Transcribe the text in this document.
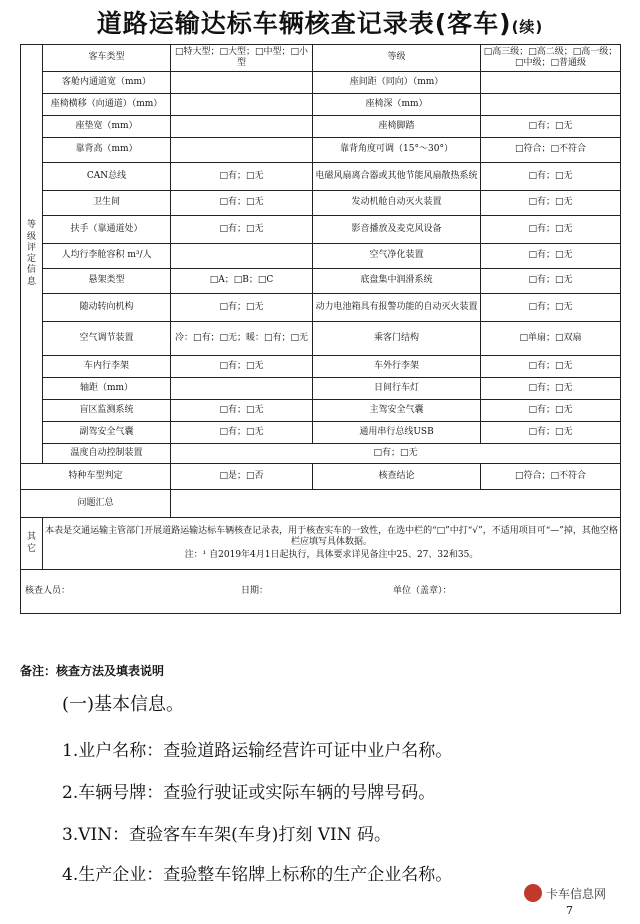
道路运输达标车辆核查记录表(客车)(续)
等级评定信息	客车类型	□特大型；□大型；□中型；□小型	等级	□高三级；□高二级；□高一级；□中级；□普通级
	客舱内通道宽（mm）		座间距（同向）（mm）	
	座椅横移（向通道）（mm）		座椅深（mm）	
	座垫宽（mm）		座椅脚踏	□有；□无
	靠背高（mm）		靠背角度可调（15°～30°）	□符合；□不符合
	CAN总线	□有；□无	电磁风扇离合器或其他节能风扇散热系统	□有；□无
	卫生间	□有；□无	发动机舱自动灭火装置	□有；□无
	扶手（靠通道处）	□有；□无	影音播放及麦克风设备	□有；□无
	人均行李舱容积 m³/人		空气净化装置	□有；□无
	悬架类型	□A；□B；□C	底盘集中润滑系统	□有；□无
	随动转向机构	□有；□无	动力电池箱具有报警功能的自动灭火装置	□有；□无
	空气调节装置	冷：□有；□无；暖：□有；□无	乘客门结构	□单扇；□双扇
	车内行李架	□有；□无	车外行李架	□有；□无
	轴距（mm）		日间行车灯	□有；□无
	盲区监测系统	□有；□无	主驾安全气囊	□有；□无
	副驾安全气囊	□有；□无	通用串行总线USB	□有；□无
	温度自动控制装置	□有；□无		
特种车型判定		□是；□否	核查结论	□符合；□不符合
问题汇总				
其它	本表是交通运输主管部门开展道路运输达标车辆核查记录表，用于核查实车的一致性，在选中栏的“□”中打“√”，不适用项目可“—”掉，其他空格栏应填写具体数据。
注：¹ 自2019年4月1日起执行，具体要求详见备注中25、27、32和35。			

核查人员： 日期： 单位（盖章）：				
备注：核查方法及填表说明
(一)基本信息。
1.业户名称：查验道路运输经营许可证中业户名称。
2.车辆号牌：查验行驶证或实际车辆的号牌号码。
3.VIN：查验客车车架(车身)打刻 VIN 码。
4.生产企业：查验整车铭牌上标称的生产企业名称。
卡车信息网
7
